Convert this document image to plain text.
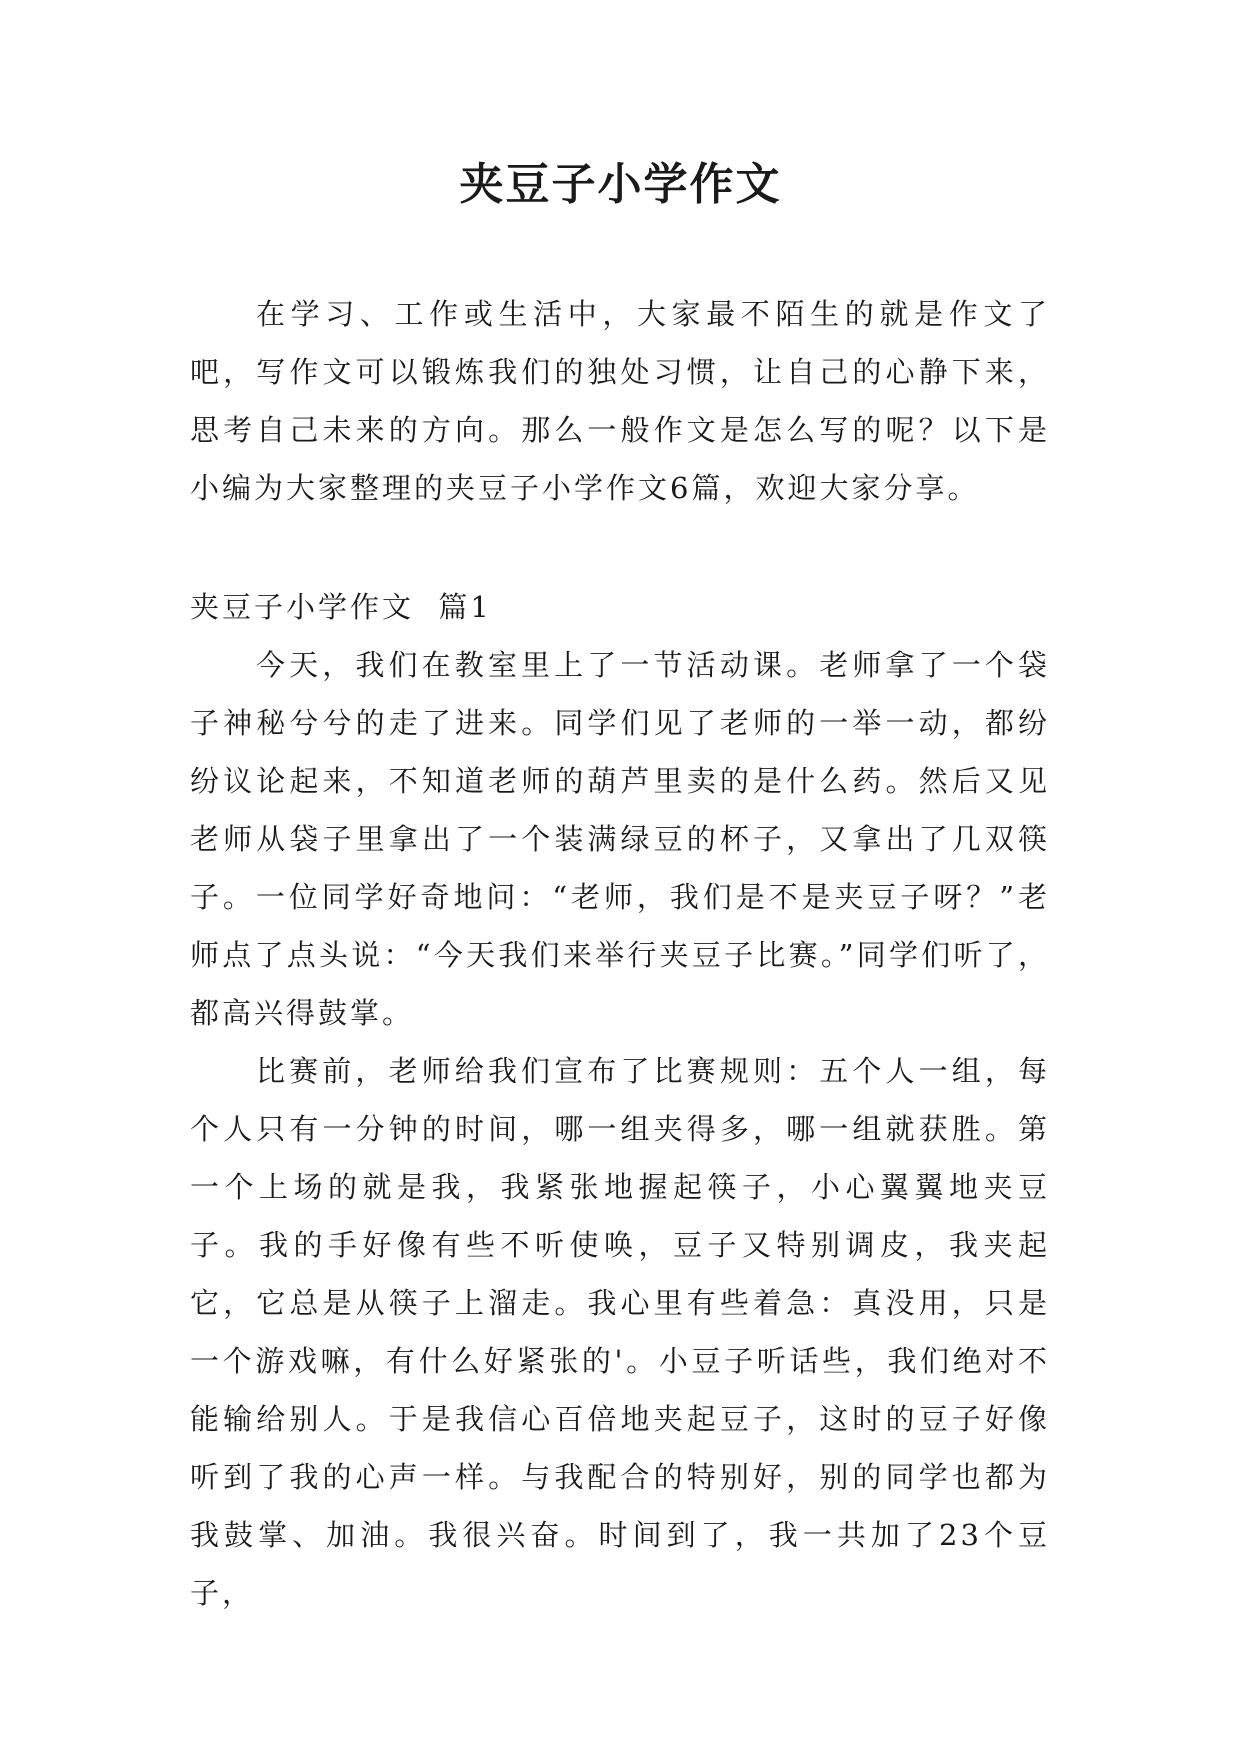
夹豆子小学作文

在学习、工作或生活中，大家最不陌生的就是作文了吧，写作文可以锻炼我们的独处习惯，让自己的心静下来，思考自己未来的方向。那么一般作文是怎么写的呢？以下是小编为大家整理的夹豆子小学作文6篇，欢迎大家分享。

夹豆子小学作文  篇1

今天，我们在教室里上了一节活动课。老师拿了一个袋子神秘兮兮的走了进来。同学们见了老师的一举一动，都纷纷议论起来，不知道老师的葫芦里卖的是什么药。然后又见老师从袋子里拿出了一个装满绿豆的杯子，又拿出了几双筷子。一位同学好奇地问：“老师，我们是不是夹豆子呀？”老师点了点头说：“今天我们来举行夹豆子比赛。”同学们听了，都高兴得鼓掌。

比赛前，老师给我们宣布了比赛规则：五个人一组，每个人只有一分钟的时间，哪一组夹得多，哪一组就获胜。第一个上场的就是我，我紧张地握起筷子，小心翼翼地夹豆子。我的手好像有些不听使唤，豆子又特别调皮，我夹起它，它总是从筷子上溜走。我心里有些着急：真没用，只是一个游戏嘛，有什么好紧张的'。小豆子听话些，我们绝对不能输给别人。于是我信心百倍地夹起豆子，这时的豆子好像听到了我的心声一样。与我配合的特别好，别的同学也都为我鼓掌、加油。我很兴奋。时间到了，我一共加了23个豆子，
